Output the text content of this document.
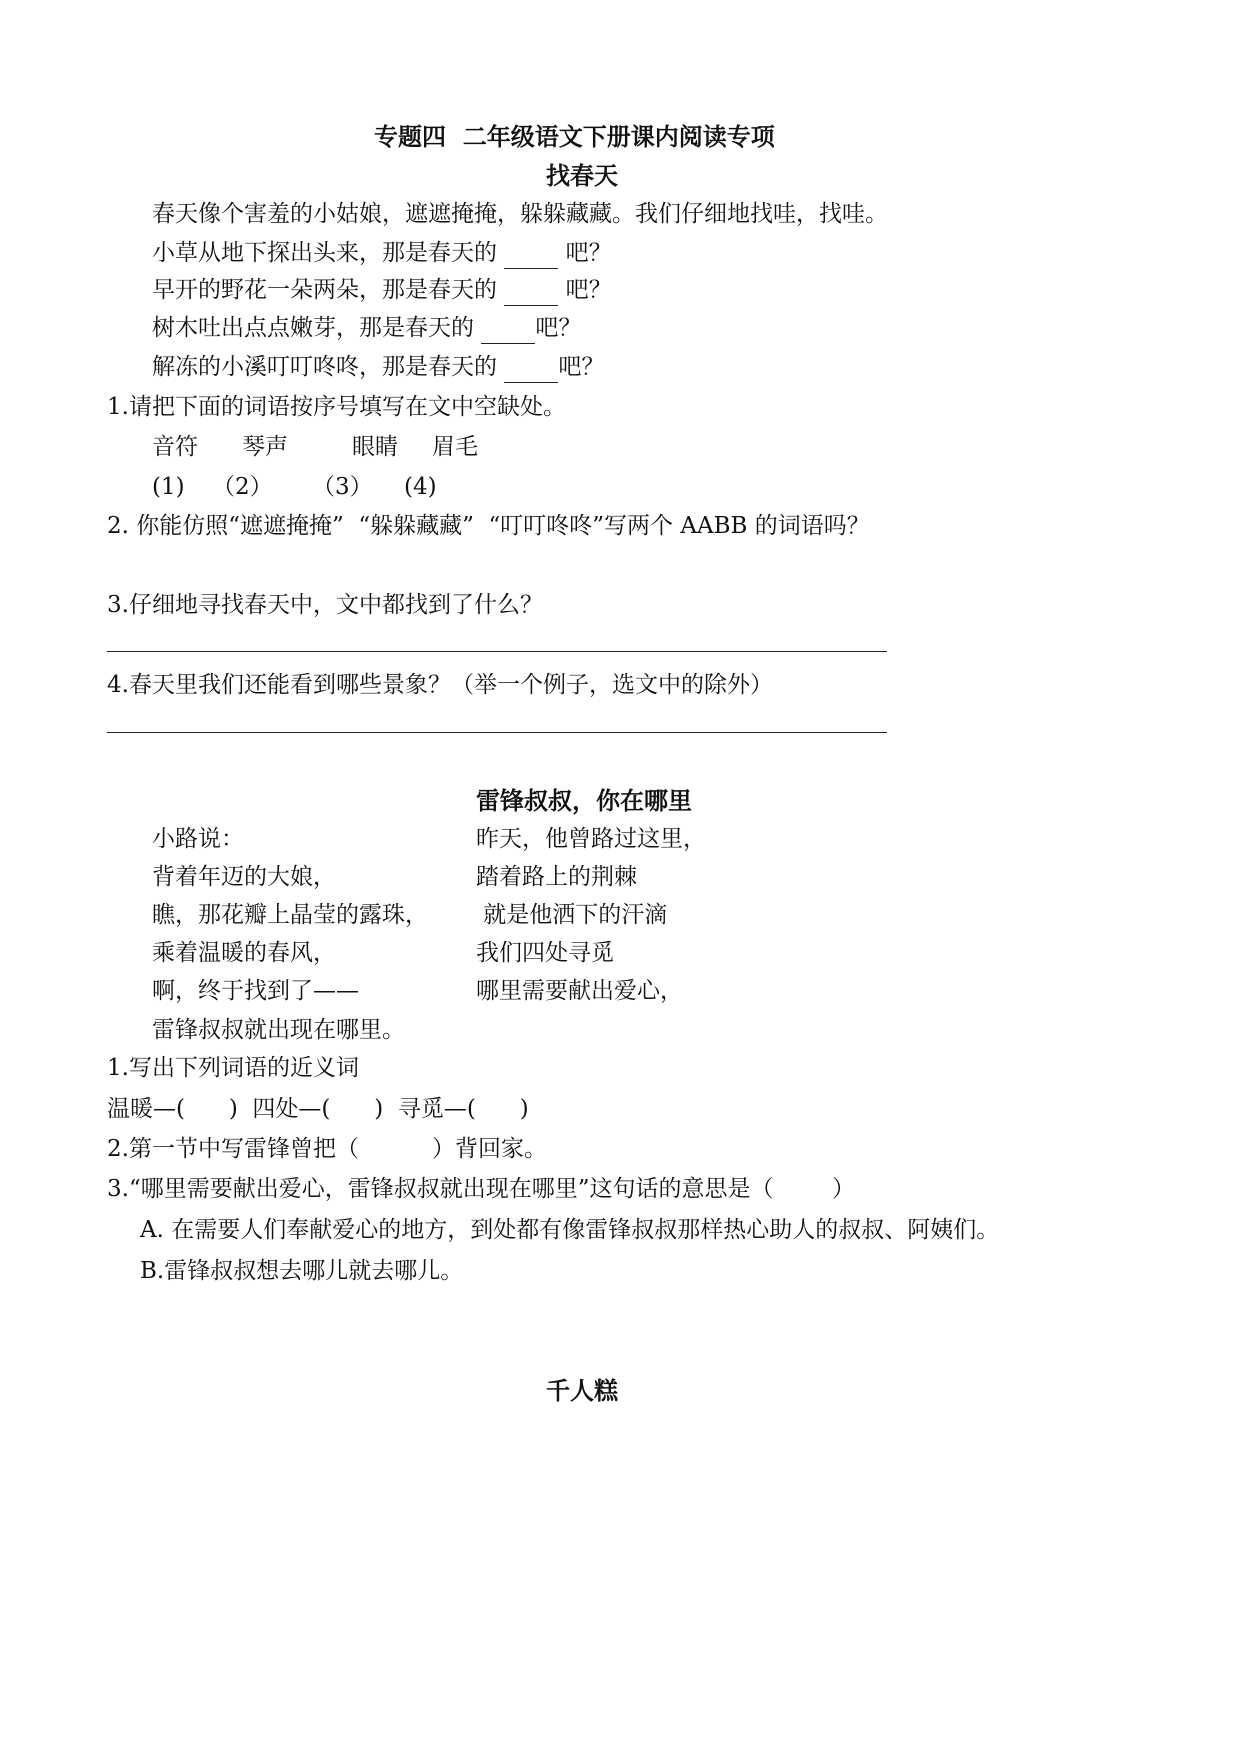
专题四  二年级语文下册课内阅读专项
找春天
春天像个害羞的小姑娘，遮遮掩掩，躲躲藏藏。我们仔细地找哇，找哇。
小草从地下探出头来，那是春天的   吧？
早开的野花一朵两朵，那是春天的   吧？
树木吐出点点嫩芽，那是春天的  吧？
解冻的小溪叮叮咚咚，那是春天的  吧？
1.请把下面的词语按序号填写在文中空缺处。
音符 琴声	眼睛 眉毛
(1) （2） （3） (4)
2. 你能仿照“遮遮掩掩”  “躲躲藏藏”  “叮叮咚咚”写两个 AABB 的词语吗？
3.仔细地寻找春天中，文中都找到了什么？
4.春天里我们还能看到哪些景象？（举一个例子，选文中的除外）
雷锋叔叔，你在哪里
小路说：
背着年迈的大娘，
瞧，那花瓣上晶莹的露珠，
乘着温暖的春风，
啊，终于找到了——
雷锋叔叔就出现在哪里。
昨天，他曾路过这里，
踏着路上的荆棘
就是他洒下的汗滴
我们四处寻觅
哪里需要献出爱心，
1.写出下列词语的近义词
温暖—(      )  四处—(      )  寻觅—(      )
2.第一节中写雷锋曾把（          ）背回家。
3.“哪里需要献出爱心，雷锋叔叔就出现在哪里”这句话的意思是（        ）
A. 在需要人们奉献爱心的地方，到处都有像雷锋叔叔那样热心助人的叔叔、阿姨们。
B.雷锋叔叔想去哪儿就去哪儿。
千人糕
